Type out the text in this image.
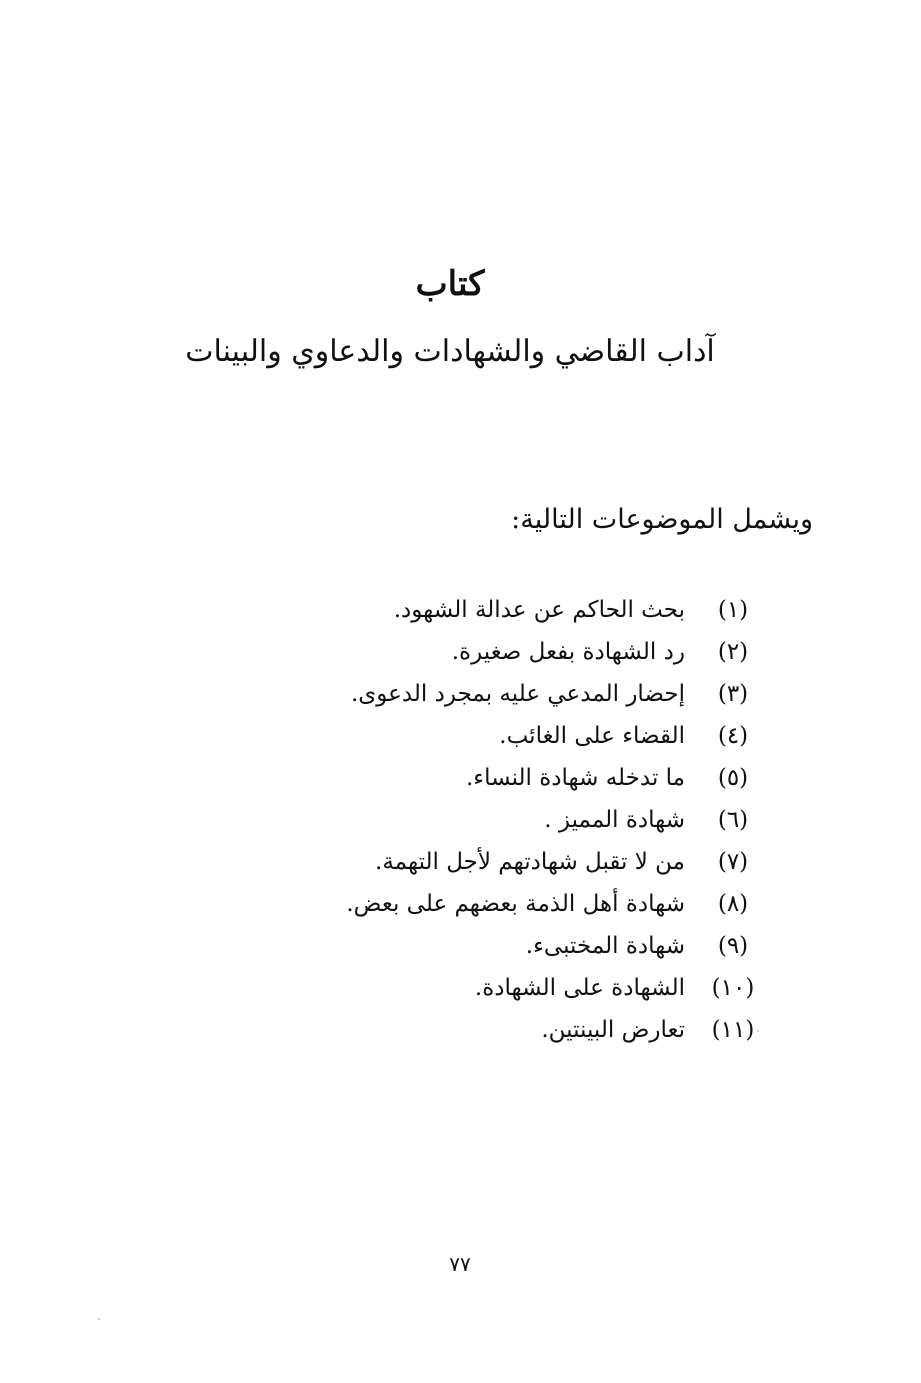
كتاب
آداب القاضي والشهادات والدعاوي والبينات

ويشمل الموضوعات التالية:

(١)
بحث الحاكم عن عدالة الشهود.
(٢)
رد الشهادة بفعل صغيرة.
(٣)
إحضار المدعي عليه بمجرد الدعوى.
(٤)
القضاء على الغائب.
(٥)
ما تدخله شهادة النساء.
(٦)
شهادة المميز .
(٧)
من لا تقبل شهادتهم لأجل التهمة.
(٨)
شهادة أهل الذمة بعضهم على بعض.
(٩)
شهادة المختبىء.
(١٠)
الشهادة على الشهادة.
(١١)
تعارض البينتين.

٧٧
